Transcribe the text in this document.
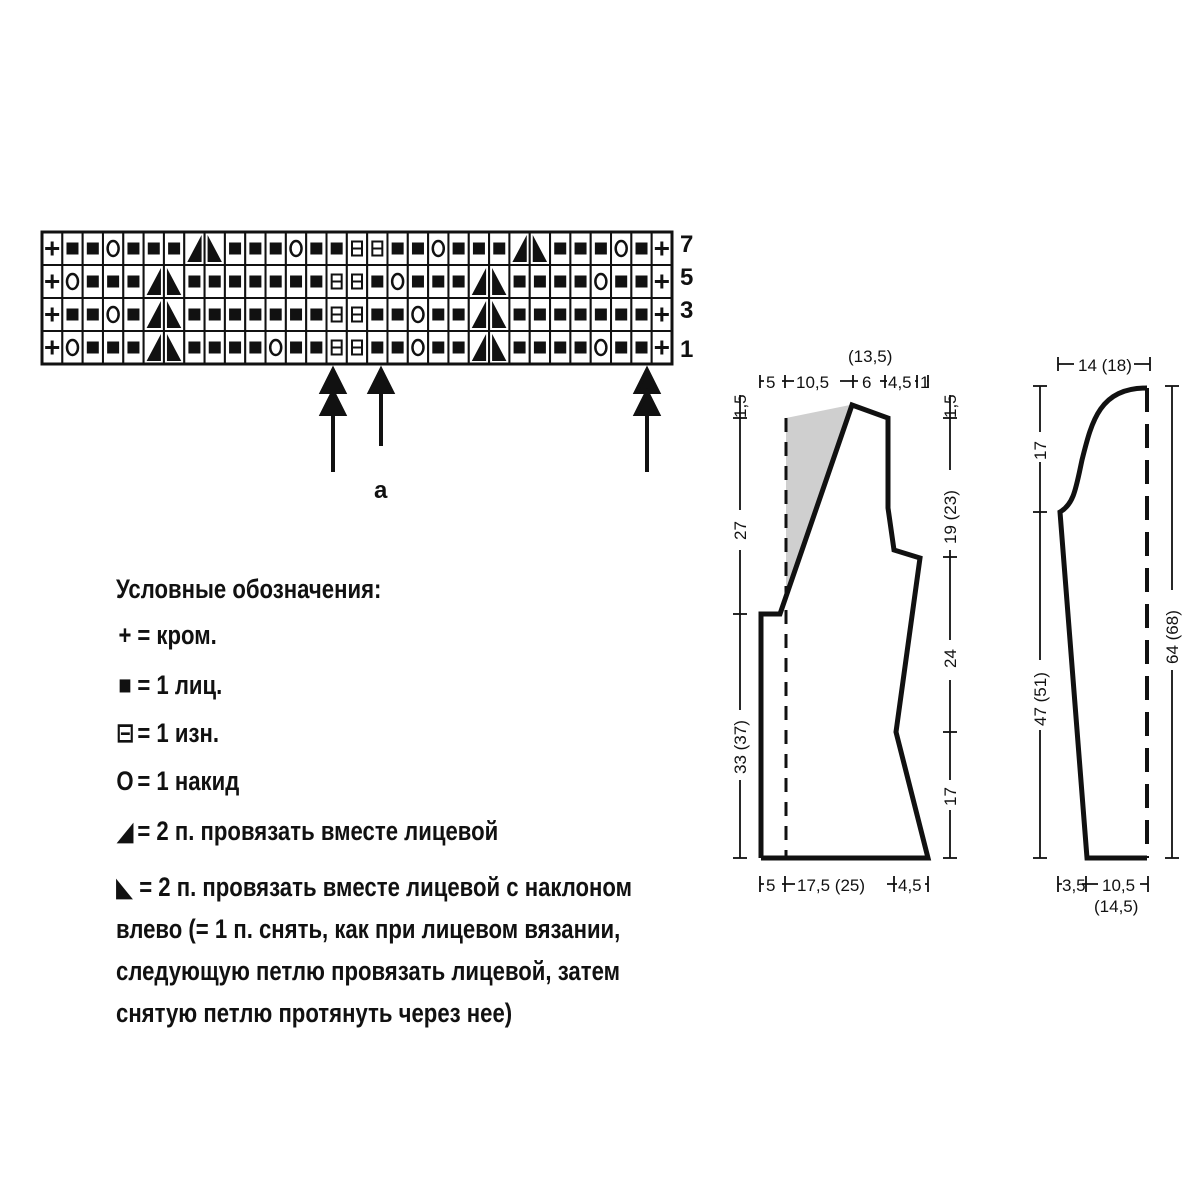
7
5
3
1
a
(13,5)
5 10,5 6 4,5 1
1,5
27
33 (37)
1,5
19 (23)
24
17
5 17,5 (25) 4,5
14 (18)
17
47 (51)
64 (68)
3,5 10,5
(14,5)
Условные обозначения:
+ = кром.
■ = 1 лиц.
⊟ = 1 изн.
O = 1 накид
◢ = 2 п. провязать вместе лицевой
◣ = 2 п. провязать вместе лицевой с наклоном влево (= 1 п. снять, как при лицевом вязании, следующую петлю провязать лицевой, затем снятую петлю протянуть через нее)
